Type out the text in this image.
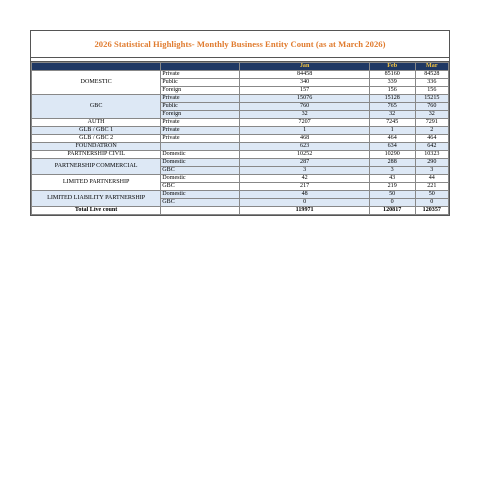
2026 Statistical Highlights- Monthly Business Entity Count (as at March 2026)
		Jan	Feb	Mar
DOMESTIC	Private	84458	85160	84528
	Public	340	339	336
	Foreign	157	156	156
GBC	Private	15076	15128	15215
	Public	760	765	760
	Foreign	32	32	32
AUTH	Private	7207	7245	7291
GLB / GBC 1	Private	1	1	2
GLB / GBC 2	Private	468	464	464
FOUNDATRON		623	634	642
PARTNERSHIP CIVIL	Domestic	10252	10290	10323
PARTNERSHIP COMMERCIAL	Domestic	287	288	290
	GBC	3	3	3
LIMITED PARTNERSHIP	Domestic	42	43	44
	GBC	217	219	221
LIMITED LIABILITY PARTNERSHIP	Domestic	48	50	50
	GBC	0	0	0
Total Live count		119971	120817	120357
